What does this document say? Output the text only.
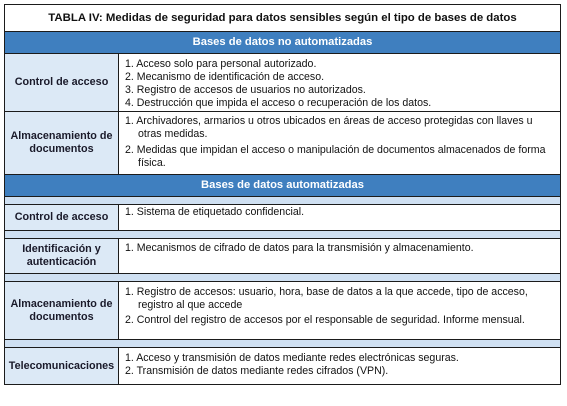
TABLA IV: Medidas de seguridad para datos sensibles según el tipo de bases de datos
Bases de datos no automatizadas
Control de acceso
1. Acceso solo para personal autorizado.
2. Mecanismo de identificación de acceso.
3. Registro de accesos de usuarios no autorizados.
4. Destrucción que impida el acceso o recuperación de los datos.
Almacenamiento de documentos
1. Archivadores, armarios u otros ubicados en áreas de acceso protegidas con llaves u otras medidas.
2. Medidas que impidan el acceso o manipulación de documentos almacenados de forma física.
Bases de datos automatizadas
Control de acceso	1. Sistema de etiquetado confidencial.
Identificación y autenticación
1. Mecanismos de cifrado de datos para la transmisión y almacenamiento.
Almacenamiento de documentos
1. Registro de accesos: usuario, hora, base de datos a la que accede, tipo de acceso, registro al que accede
2. Control del registro de accesos por el responsable de seguridad. Informe mensual.
Telecomunicaciones
1. Acceso y transmisión de datos mediante redes electrónicas seguras.
2. Transmisión de datos mediante redes cifrados (VPN).
